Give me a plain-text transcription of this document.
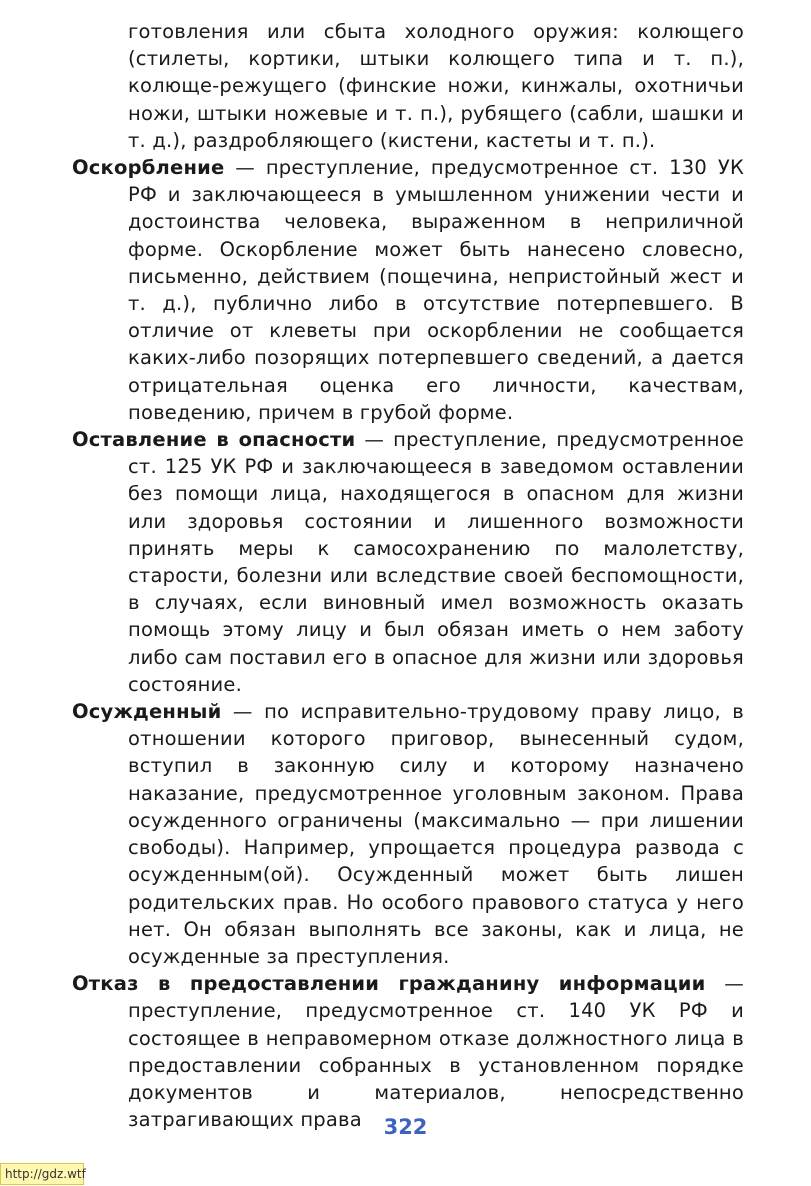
готовления или сбыта холодного оружия: колющего (стилеты, кортики, штыки колющего типа и т. п.), колюще-режущего (финские ножи, кинжалы, охотничьи ножи, штыки ножевые и т. п.), рубящего (сабли, шашки и т. д.), раздробляющего (кистени, кастеты и т. п.).

Оскорбление — преступление, предусмотренное ст. 130 УК РФ и заключающееся в умышленном унижении чести и достоинства человека, выраженном в неприличной форме. Оскорбление может быть нанесено словесно, письменно, действием (пощечина, непристойный жест и т. д.), публично либо в отсутствие потерпевшего. В отличие от клеветы при оскорблении не сообщается каких-либо позорящих потерпевшего сведений, а дается отрицательная оценка его личности, качествам, поведению, причем в грубой форме.

Оставление в опасности — преступление, предусмотренное ст. 125 УК РФ и заключающееся в заведомом оставлении без помощи лица, находящегося в опасном для жизни или здоровья состоянии и лишенного возможности принять меры к самосохранению по малолетству, старости, болезни или вследствие своей беспомощности, в случаях, если виновный имел возможность оказать помощь этому лицу и был обязан иметь о нем заботу либо сам поставил его в опасное для жизни или здоровья состояние.

Осужденный — по исправительно-трудовому праву лицо, в отношении которого приговор, вынесенный судом, вступил в законную силу и которому назначено наказание, предусмотренное уголовным законом. Права осужденного ограничены (максимально — при лишении свободы). Например, упрощается процедура развода с осужденным(ой). Осужденный может быть лишен родительских прав. Но особого правового статуса у него нет. Он обязан выполнять все законы, как и лица, не осужденные за преступления.

Отказ в предоставлении гражданину информации — преступление, предусмотренное ст. 140 УК РФ и состоящее в неправомерном отказе должностного лица в предоставлении собранных в установленном порядке документов и материалов, непосредственно затрагивающих права	322
http://gdz.wtf
